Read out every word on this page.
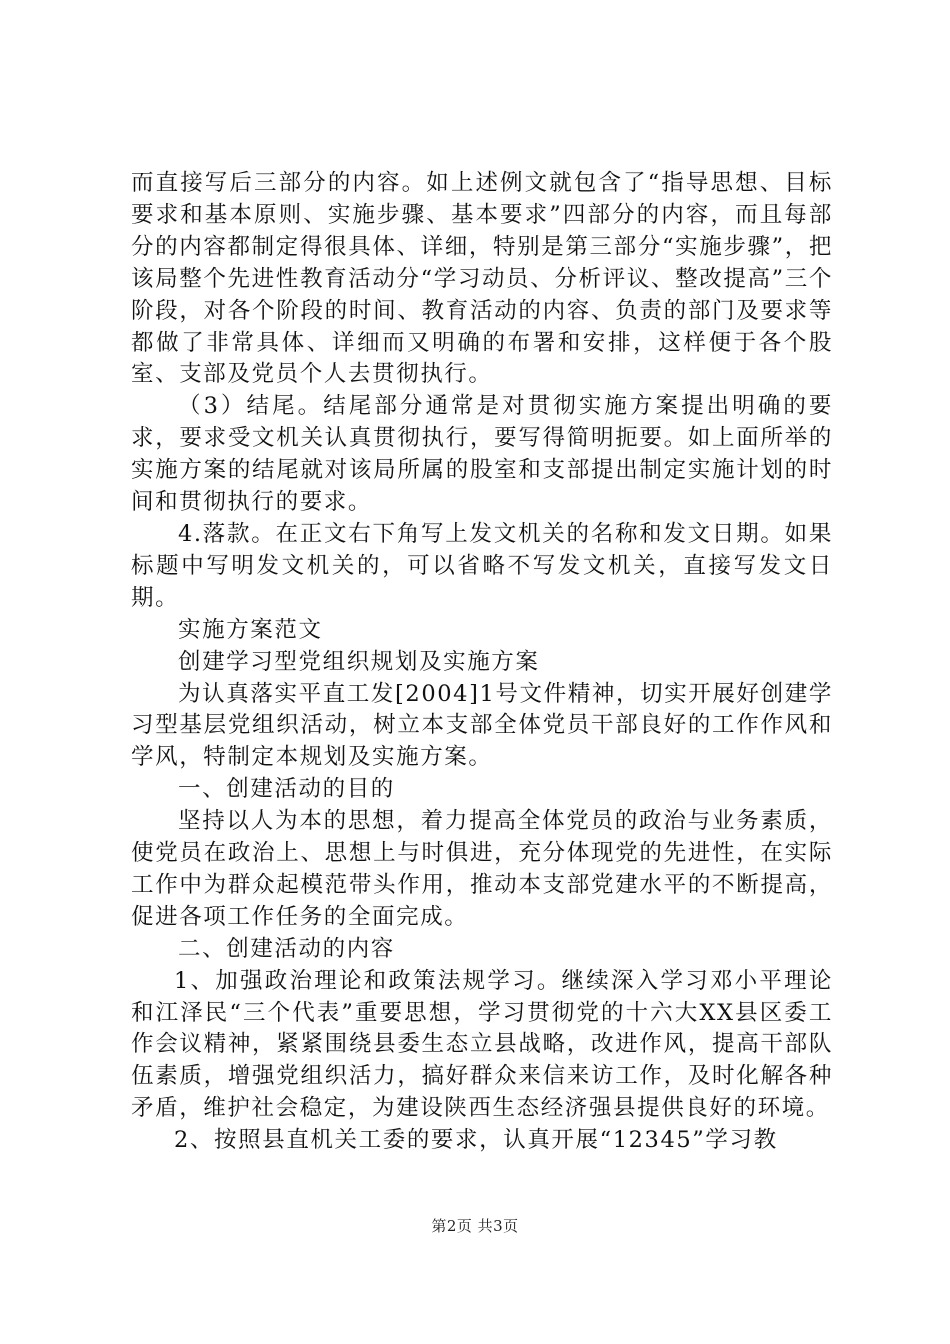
而直接写后三部分的内容。如上述例文就包含了“指导思想、目标要求和基本原则、实施步骤、基本要求”四部分的内容，而且每部分的内容都制定得很具体、详细，特别是第三部分“实施步骤”，把该局整个先进性教育活动分“学习动员、分析评议、整改提高”三个阶段，对各个阶段的时间、教育活动的内容、负责的部门及要求等都做了非常具体、详细而又明确的布署和安排，这样便于各个股室、支部及党员个人去贯彻执行。

（3）结尾。结尾部分通常是对贯彻实施方案提出明确的要求，要求受文机关认真贯彻执行，要写得简明扼要。如上面所举的实施方案的结尾就对该局所属的股室和支部提出制定实施计划的时间和贯彻执行的要求。

4.落款。在正文右下角写上发文机关的名称和发文日期。如果标题中写明发文机关的，可以省略不写发文机关，直接写发文日期。

实施方案范文

创建学习型党组织规划及实施方案

为认真落实平直工发[2004]1号文件精神，切实开展好创建学习型基层党组织活动，树立本支部全体党员干部良好的工作作风和学风，特制定本规划及实施方案。

一、创建活动的目的

坚持以人为本的思想，着力提高全体党员的政治与业务素质，使党员在政治上、思想上与时俱进，充分体现党的先进性，在实际工作中为群众起模范带头作用，推动本支部党建水平的不断提高，促进各项工作任务的全面完成。

二、创建活动的内容

1、加强政治理论和政策法规学习。继续深入学习邓小平理论和江泽民“三个代表”重要思想，学习贯彻党的十六大XX县区委工作会议精神，紧紧围绕县委生态立县战略，改进作风，提高干部队伍素质，增强党组织活力，搞好群众来信来访工作，及时化解各种矛盾，维护社会稳定，为建设陕西生态经济强县提供良好的环境。

2、按照县直机关工委的要求，认真开展“12345”学习教

第2页 共3页
